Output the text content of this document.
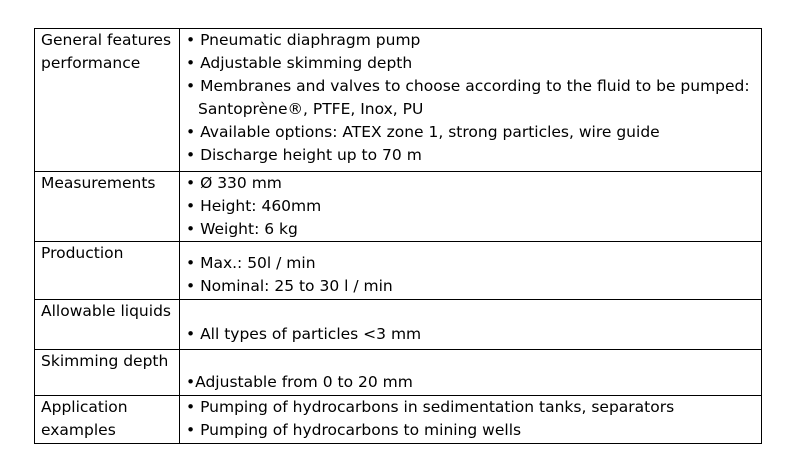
General features performance	• Pneumatic diaphragm pump
• Adjustable skimming depth
• Membranes and valves to choose according to the fluid to be pumped: Santoprène®, PTFE, Inox, PU
• Available options: ATEX zone 1, strong particles, wire guide
• Discharge height up to 70 m

Measurements	• Ø 330 mm
• Height: 460mm
• Weight: 6 kg

Production	• Max.: 50l / min
• Nominal: 25 to 30 l / min

Allowable liquids	• All types of particles <3 mm

Skimming depth	•Adjustable from 0 to 20 mm

Application examples	• Pumping of hydrocarbons in sedimentation tanks, separators
• Pumping of hydrocarbons to mining wells
